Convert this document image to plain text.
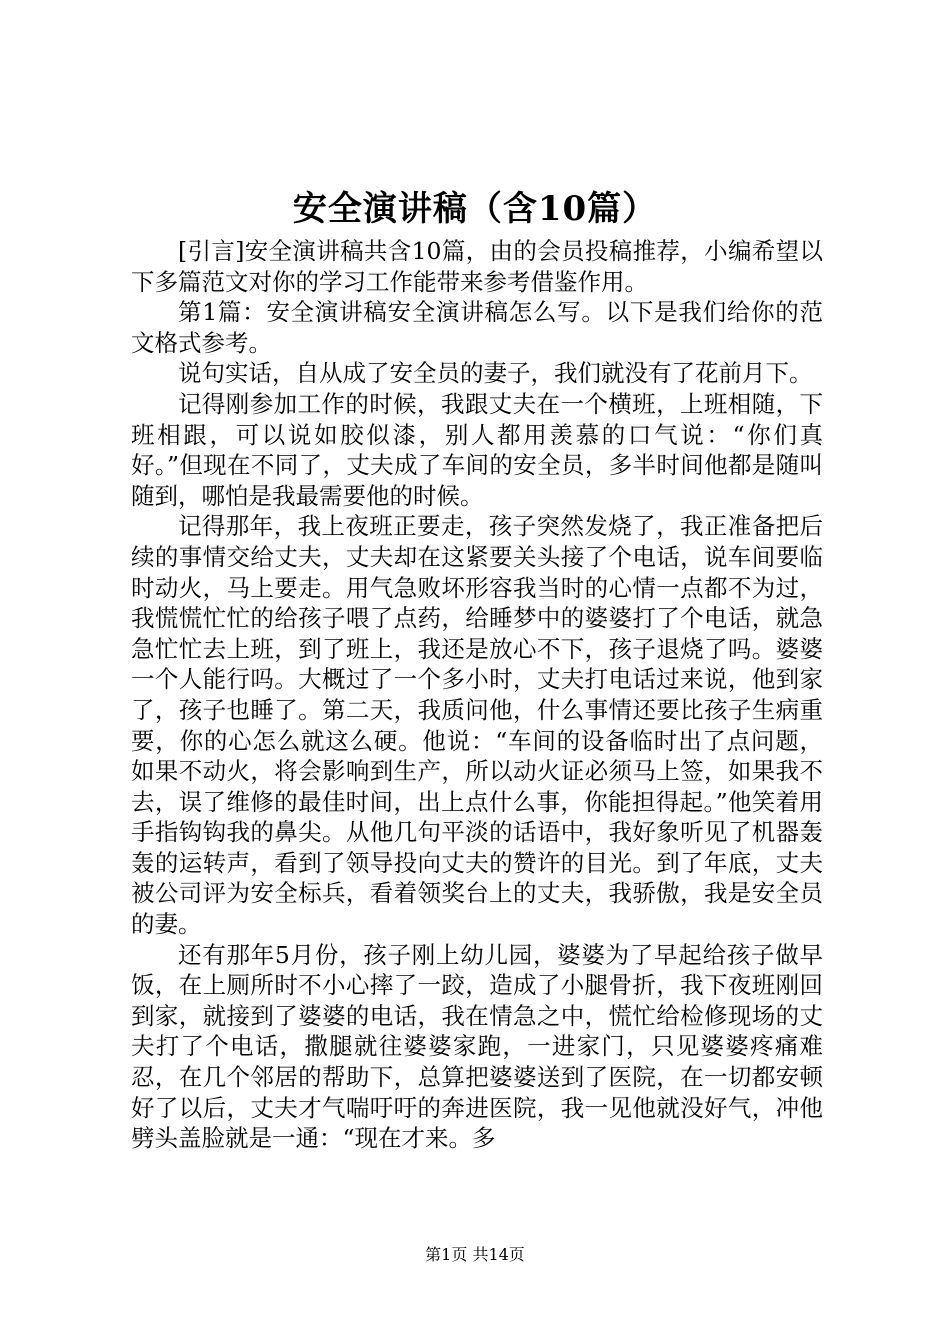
安全演讲稿（含10篇）

[引言]安全演讲稿共含10篇，由的会员投稿推荐，小编希望以下多篇范文对你的学习工作能带来参考借鉴作用。

第1篇：安全演讲稿安全演讲稿怎么写。以下是我们给你的范文格式参考。

说句实话，自从成了安全员的妻子，我们就没有了花前月下。

记得刚参加工作的时候，我跟丈夫在一个横班，上班相随，下班相跟，可以说如胶似漆，别人都用羡慕的口气说：“你们真好。”但现在不同了，丈夫成了车间的安全员，多半时间他都是随叫随到，哪怕是我最需要他的时候。

记得那年，我上夜班正要走，孩子突然发烧了，我正准备把后续的事情交给丈夫，丈夫却在这紧要关头接了个电话，说车间要临时动火，马上要走。用气急败坏形容我当时的心情一点都不为过，我慌慌忙忙的给孩子喂了点药，给睡梦中的婆婆打了个电话，就急急忙忙去上班，到了班上，我还是放心不下，孩子退烧了吗。婆婆一个人能行吗。大概过了一个多小时，丈夫打电话过来说，他到家了，孩子也睡了。第二天，我质问他，什么事情还要比孩子生病重要，你的心怎么就这么硬。他说：“车间的设备临时出了点问题，如果不动火，将会影响到生产，所以动火证必须马上签，如果我不去，误了维修的最佳时间，出上点什么事，你能担得起。”他笑着用手指钩钩我的鼻尖。从他几句平淡的话语中，我好象听见了机器轰轰的运转声，看到了领导投向丈夫的赞许的目光。到了年底，丈夫被公司评为安全标兵，看着领奖台上的丈夫，我骄傲，我是安全员的妻。

还有那年5月份，孩子刚上幼儿园，婆婆为了早起给孩子做早饭，在上厕所时不小心摔了一跤，造成了小腿骨折，我下夜班刚回到家，就接到了婆婆的电话，我在情急之中，慌忙给检修现场的丈夫打了个电话，撒腿就往婆婆家跑，一进家门，只见婆婆疼痛难忍，在几个邻居的帮助下，总算把婆婆送到了医院，在一切都安顿好了以后，丈夫才气喘吁吁的奔进医院，我一见他就没好气，冲他劈头盖脸就是一通：“现在才来。多

第1页 共14页
